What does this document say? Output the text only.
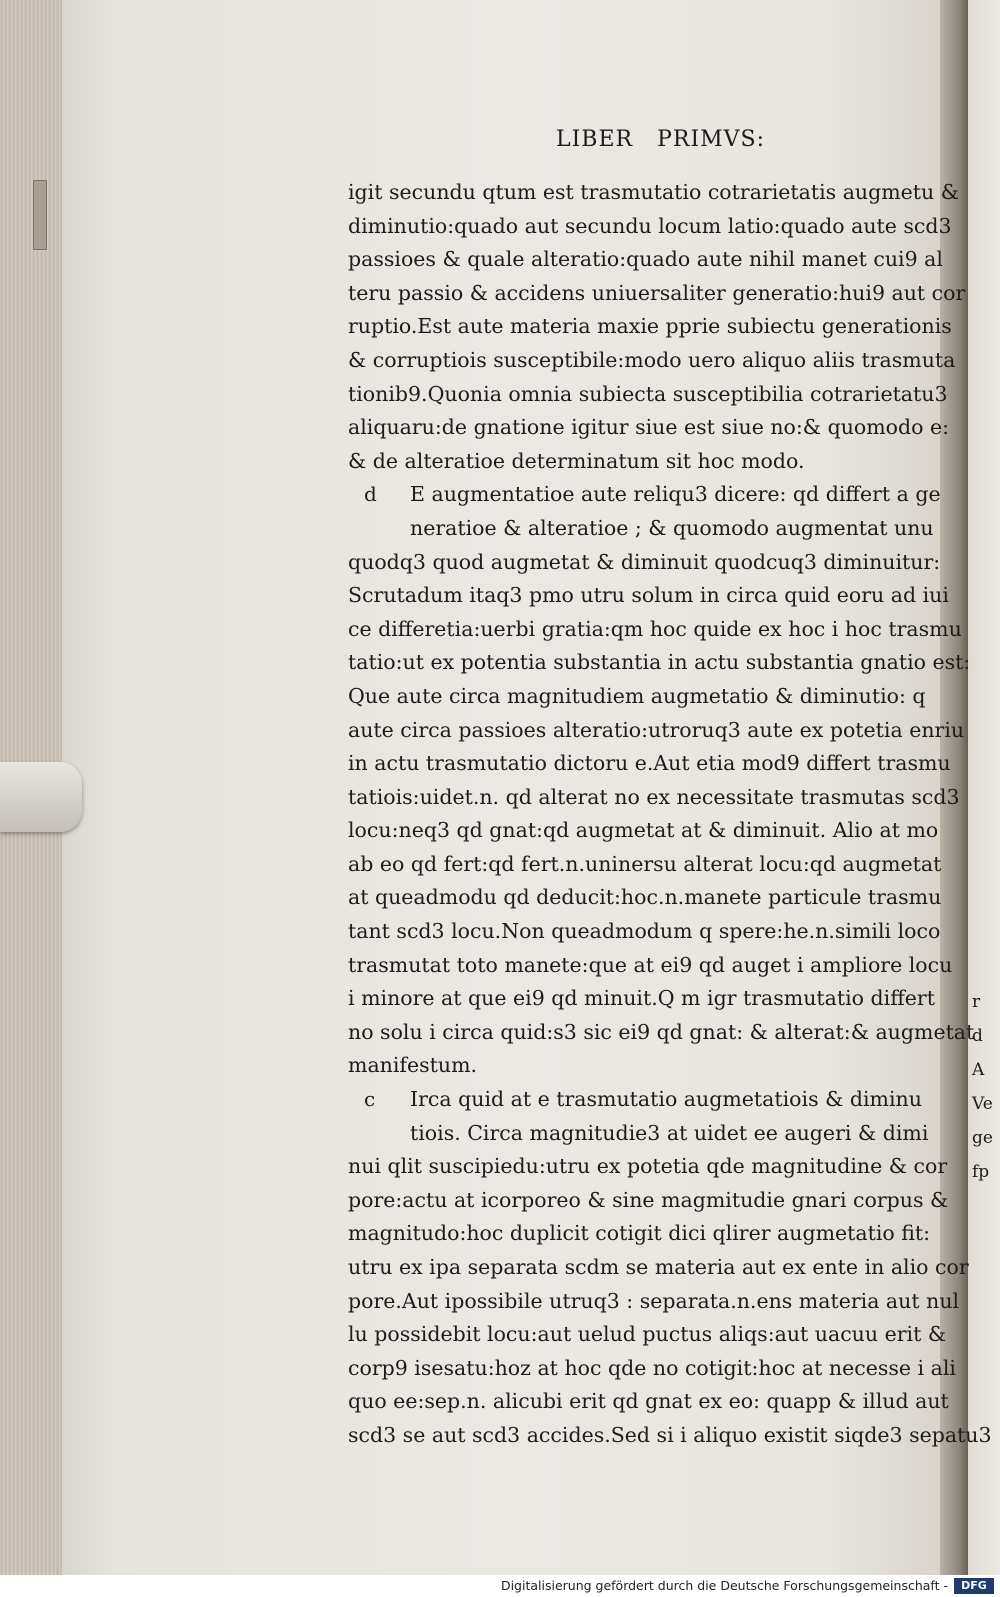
LIBER   PRIMVS:
igit secundu qtum est trasmutatio cotrarietatis augmetu &
diminutio:quado aut secundu locum latio:quado aute scd3
passioes & quale alteratio:quado aute nihil manet cui9 al
teru passio & accidens uniuersaliter generatio:hui9 aut cor
ruptio.Est aute materia maxie pprie subiectu generationis
& corruptiois susceptibile:modo uero aliquo aliis trasmuta
tionib9.Quonia omnia subiecta susceptibilia cotrarietatu3
aliquaru:de gnatione igitur siue est siue no:& quomodo e:
& de alteratioe determinatum sit hoc modo.
d E augmentatioe aute reliqu3 dicere: qd differt a ge
neratioe & alteratioe ; & quomodo augmentat unu
quodq3 quod augmetat & diminuit quodcuq3 diminuitur:
Scrutadum itaq3 pmo utru solum in circa quid eoru ad iui
ce differetia:uerbi gratia:qm hoc quide ex hoc i hoc trasmu
tatio:ut ex potentia substantia in actu substantia gnatio est:
Que aute circa magnitudiem augmetatio & diminutio: q
aute circa passioes alteratio:utroruq3 aute ex potetia enriu
in actu trasmutatio dictoru e.Aut etia mod9 differt trasmu
tatiois:uidet.n. qd alterat no ex necessitate trasmutas scd3
locu:neq3 qd gnat:qd augmetat at & diminuit. Alio at mo
ab eo qd fert:qd fert.n.uninersu alterat locu:qd augmetat
at queadmodu qd deducit:hoc.n.manete particule trasmu
tant scd3 locu.Non queadmodum q spere:he.n.simili loco
trasmutat toto manete:que at ei9 qd auget i ampliore locu
i minore at que ei9 qd minuit.Q m igr trasmutatio differt
no solu i circa quid:s3 sic ei9 qd gnat: & alterat:& augmetat
manifestum.
c Irca quid at e trasmutatio augmetatiois & diminu
tiois. Circa magnitudie3 at uidet ee augeri & dimi
nui qlit suscipiedu:utru ex potetia qde magnitudine & cor
pore:actu at icorporeo & sine magmitudie gnari corpus &
magnitudo:hoc duplicit cotigit dici qlirer augmetatio fit:
utru ex ipa separata scdm se materia aut ex ente in alio cor
pore.Aut ipossibile utruq3 : separata.n.ens materia aut nul
lu possidebit locu:aut uelud puctus aliqs:aut uacuu erit &
corp9 isesatu:hoz at hoc qde no cotigit:hoc at necesse i ali
quo ee:sep.n. alicubi erit qd gnat ex eo: quapp & illud aut
scd3 se aut scd3 accides.Sed si i aliquo existit siqde3 sepatu3
r
d
A
Ve
ge
fp
Digitalisierung gefördert durch die Deutsche Forschungsgemeinschaft -	DFG
